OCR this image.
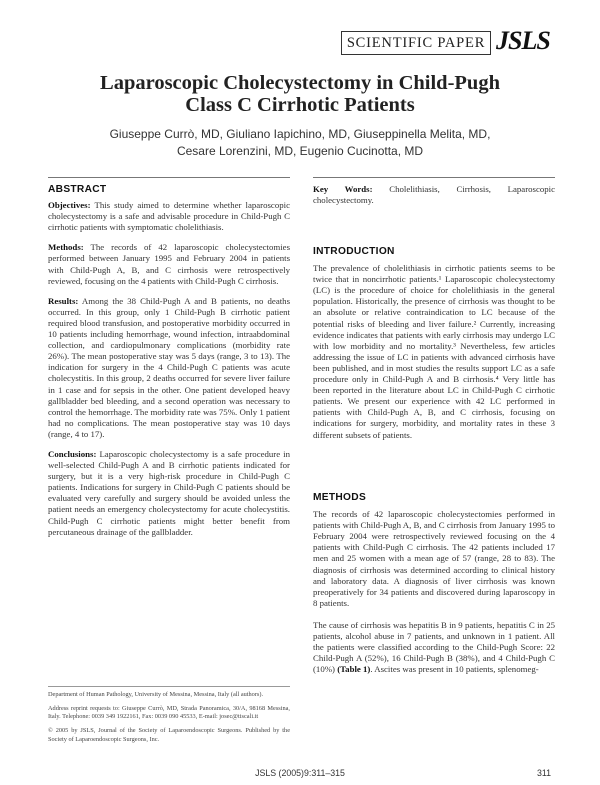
SCIENTIFIC PAPER JSLS
Laparoscopic Cholecystectomy in Child-Pugh
Class C Cirrhotic Patients
Giuseppe Currò, MD, Giuliano Iapichino, MD, Giuseppinella Melita, MD,
Cesare Lorenzini, MD, Eugenio Cucinotta, MD
ABSTRACT

Objectives: This study aimed to determine whether laparoscopic cholecystectomy is a safe and advisable procedure in Child-Pugh C cirrhotic patients with symptomatic cholelithiasis.

Methods: The records of 42 laparoscopic cholecystectomies performed between January 1995 and February 2004 in patients with Child-Pugh A, B, and C cirrhosis were retrospectively reviewed, focusing on the 4 patients with Child-Pugh C cirrhosis.

Results: Among the 38 Child-Pugh A and B patients, no deaths occurred. In this group, only 1 Child-Pugh B cirrhotic patient required blood transfusion, and postoperative morbidity occurred in 10 patients including hemorrhage, wound infection, intraabdominal collection, and cardiopulmonary complications (morbidity rate 26%). The mean postoperative stay was 5 days (range, 3 to 13). The indication for surgery in the 4 Child-Pugh C patients was acute cholecystitis. In this group, 2 deaths occurred for severe liver failure in 1 case and for sepsis in the other. One patient developed heavy gallbladder bed bleeding, and a second operation was necessary to control the hemorrhage. The morbidity rate was 75%. Only 1 patient had no complications. The mean postoperative stay was 10 days (range, 4 to 17).

Conclusions: Laparoscopic cholecystectomy is a safe procedure in well-selected Child-Pugh A and B cirrhotic patients indicated for surgery, but it is a very high-risk procedure in Child-Pugh C patients. Indications for surgery in Child-Pugh C patients should be evaluated very carefully and surgery should be avoided unless the patient needs an emergency cholecystectomy for acute cholecystitis. Child-Pugh C cirrhotic patients might better benefit from percutaneous drainage of the gallbladder.

Department of Human Pathology, University of Messina, Messina, Italy (all authors).

Address reprint requests to: Giuseppe Currò, MD, Strada Panoramica, 30/A, 98168 Messina, Italy. Telephone: 0039 349 1922161, Fax: 0039 090 45533, E-mail: josec@tiscali.it

© 2005 by JSLS, Journal of the Society of Laparoendoscopic Surgeons. Published by the Society of Laparoendoscopic Surgeons, Inc.

Key Words: Cholelithiasis, Cirrhosis, Laparoscopic cholecystectomy.

INTRODUCTION

The prevalence of cholelithiasis in cirrhotic patients seems to be twice that in noncirrhotic patients.¹ Laparoscopic cholecystectomy (LC) is the procedure of choice for cholelithiasis in the general population. Historically, the presence of cirrhosis was thought to be an absolute or relative contraindication to LC because of the potential risks of bleeding and liver failure.² Currently, increasing evidence indicates that patients with early cirrhosis may undergo LC with low morbidity and no mortality.³ Nevertheless, few articles addressing the issue of LC in patients with advanced cirrhosis have been published, and in most studies the results support LC as a safe procedure only in Child-Pugh A and B cirrhosis.⁴ Very little has been reported in the literature about LC in Child-Pugh C cirrhotic patients. We present our experience with 42 LC performed in patients with Child-Pugh A, B, and C cirrhosis, focusing on indications for surgery, morbidity, and mortality rates in these 3 different subsets of patients.

METHODS

The records of 42 laparoscopic cholecystectomies performed in patients with Child-Pugh A, B, and C cirrhosis from January 1995 to February 2004 were retrospectively reviewed focusing on the 4 patients with Child-Pugh C cirrhosis. The 42 patients included 17 men and 25 women with a mean age of 57 (range, 28 to 83). The diagnosis of cirrhosis was determined according to clinical history and laboratory data. A diagnosis of liver cirrhosis was known preoperatively for 34 patients and discovered during laparoscopy in 8 patients.

The cause of cirrhosis was hepatitis B in 9 patients, hepatitis C in 25 patients, alcohol abuse in 7 patients, and unknown in 1 patient. All the patients were classified according to the Child-Pugh Score: 22 Child-Pugh A (52%), 16 Child-Pugh B (38%), and 4 Child-Pugh C (10%) (Table 1). Ascites was present in 10 patients, splenomeg-

JSLS (2005)9:311–315	311
